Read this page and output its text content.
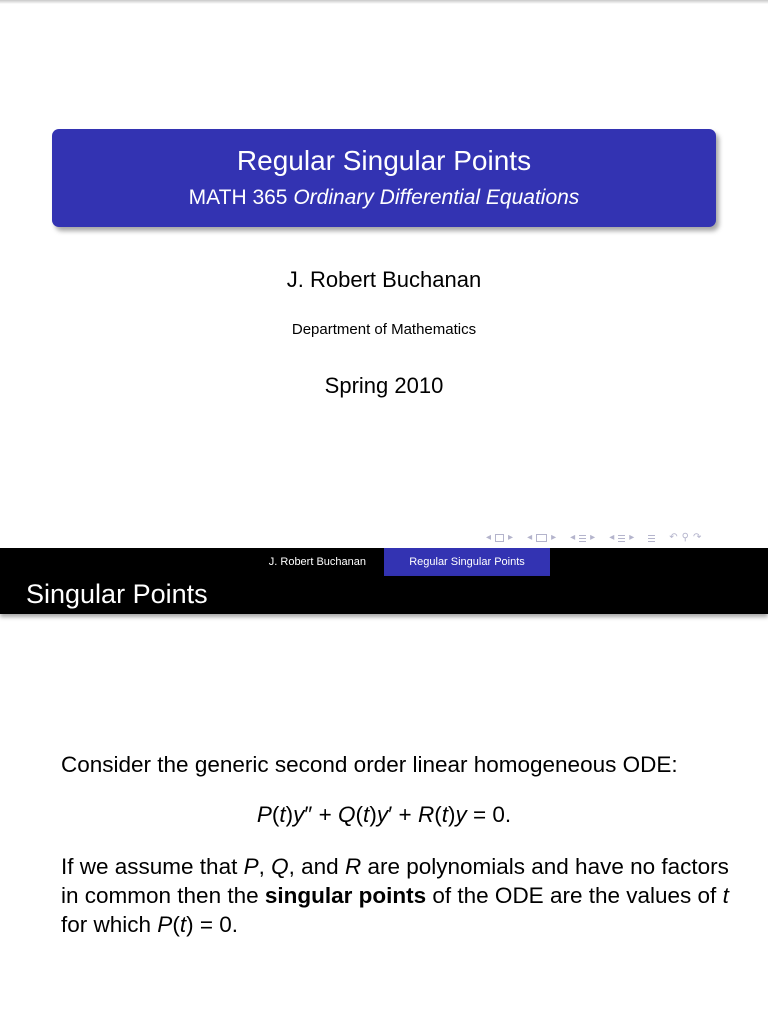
Regular Singular Points
MATH 365 Ordinary Differential Equations
J. Robert Buchanan
Department of Mathematics
Spring 2010
◂ ▸ ◂ ▸ ◂ ▸ ◂ ▸	↶ ⚲ ↷
J. Robert Buchanan	Regular Singular Points
Singular Points
Consider the generic second order linear homogeneous ODE:
P(t)y″ + Q(t)y′ + R(t)y = 0.
If we assume that P, Q, and R are polynomials and have no factors in common then the singular points of the ODE are the values of t for which P(t) = 0.
